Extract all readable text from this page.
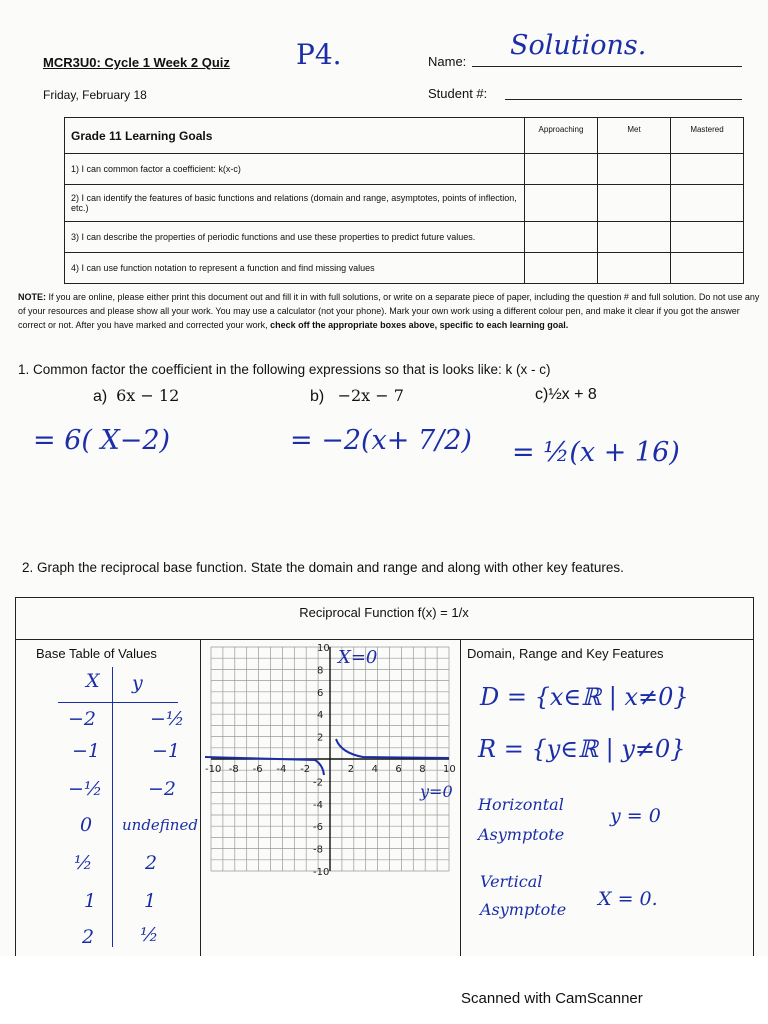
MCR3U0: Cycle 1 Week 2 Quiz
Friday, February 18
P4.	Name:
Solutions.
Student #:
Grade 11 Learning Goals	Approaching	Met	Mastered
1) I can common factor a coefficient: k(x-c)			
2) I can identify the features of basic functions and relations (domain and range, asymptotes, points of inflection, etc.)			
3) I can describe the properties of periodic functions and use these properties to predict future values.			
4) I can use function notation to represent a function and find missing values			
NOTE: If you are online, please either print this document out and fill it in with full solutions, or write on a separate piece of paper, including the question # and full solution. Do not use any of your resources and please show all your work. You may use a calculator (not your phone). Mark your own work using a different colour pen, and make it clear if you got the answer correct or not. After you have marked and corrected your work, check off the appropriate boxes above, specific to each learning goal.
1. Common factor the coefficient in the following expressions so that is looks like: k (x - c)
a) 6x − 12	b) −2x − 7	c)½x + 8
= 6( X−2)	= −2(x+ 7/2) = ½(x + 16)
2. Graph the reciprocal base function. State the domain and range and along with other key features.
Reciprocal Function f(x) = 1/x
Base Table of Values
X y
−2	−½
−1	−1
−½ −2
0 undefined
½	2
1	1
2 ½
-10 -8 -6 -4 -2	2 4 6 8 10
10
8
6
4
2
-2
-4
-6
-8
-10
X=0
y=0
Domain, Range and Key Features
D = {x∈ℝ | x≠0}
R = {y∈ℝ | y≠0}
Horizontal Asymptote
y = 0
Vertical Asymptote	X = 0.
Scanned with CamScanner
